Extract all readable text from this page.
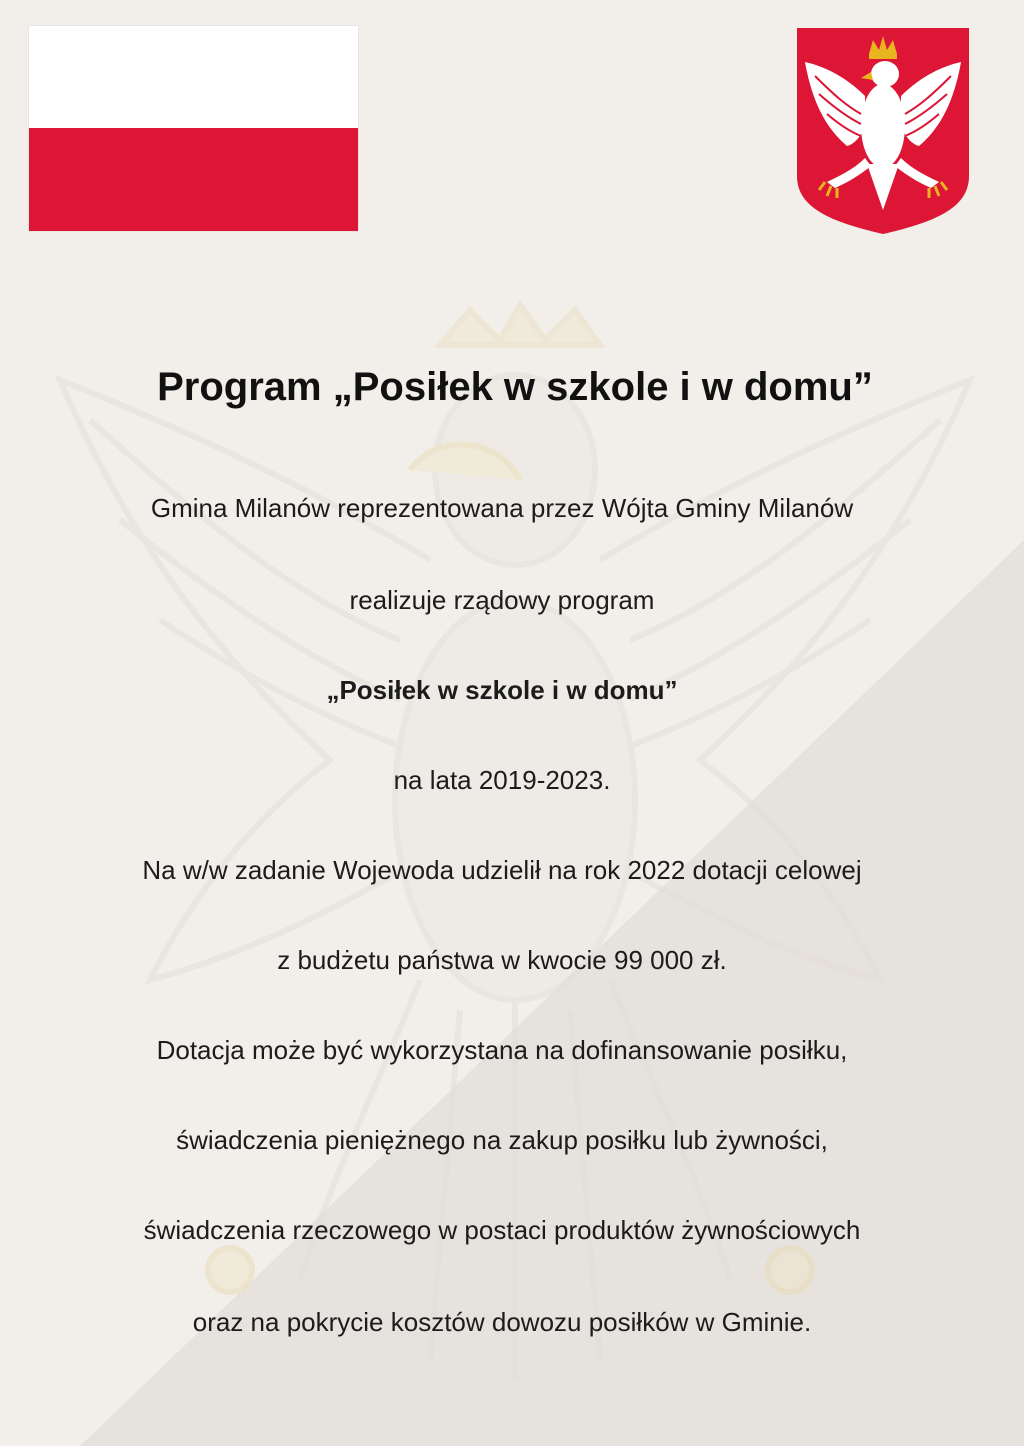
Program „Posiłek w szkole i w domu”
Gmina Milanów reprezentowana przez Wójta Gminy Milanów
realizuje rządowy program
„Posiłek w szkole i w domu”
na lata 2019-2023.
Na w/w zadanie Wojewoda udzielił na rok 2022 dotacji celowej
z budżetu państwa w kwocie 99 000 zł.
Dotacja może być wykorzystana na dofinansowanie posiłku,
świadczenia pieniężnego na zakup posiłku lub żywności,
świadczenia rzeczowego w postaci produktów żywnościowych
oraz na pokrycie kosztów dowozu posiłków w Gminie.
